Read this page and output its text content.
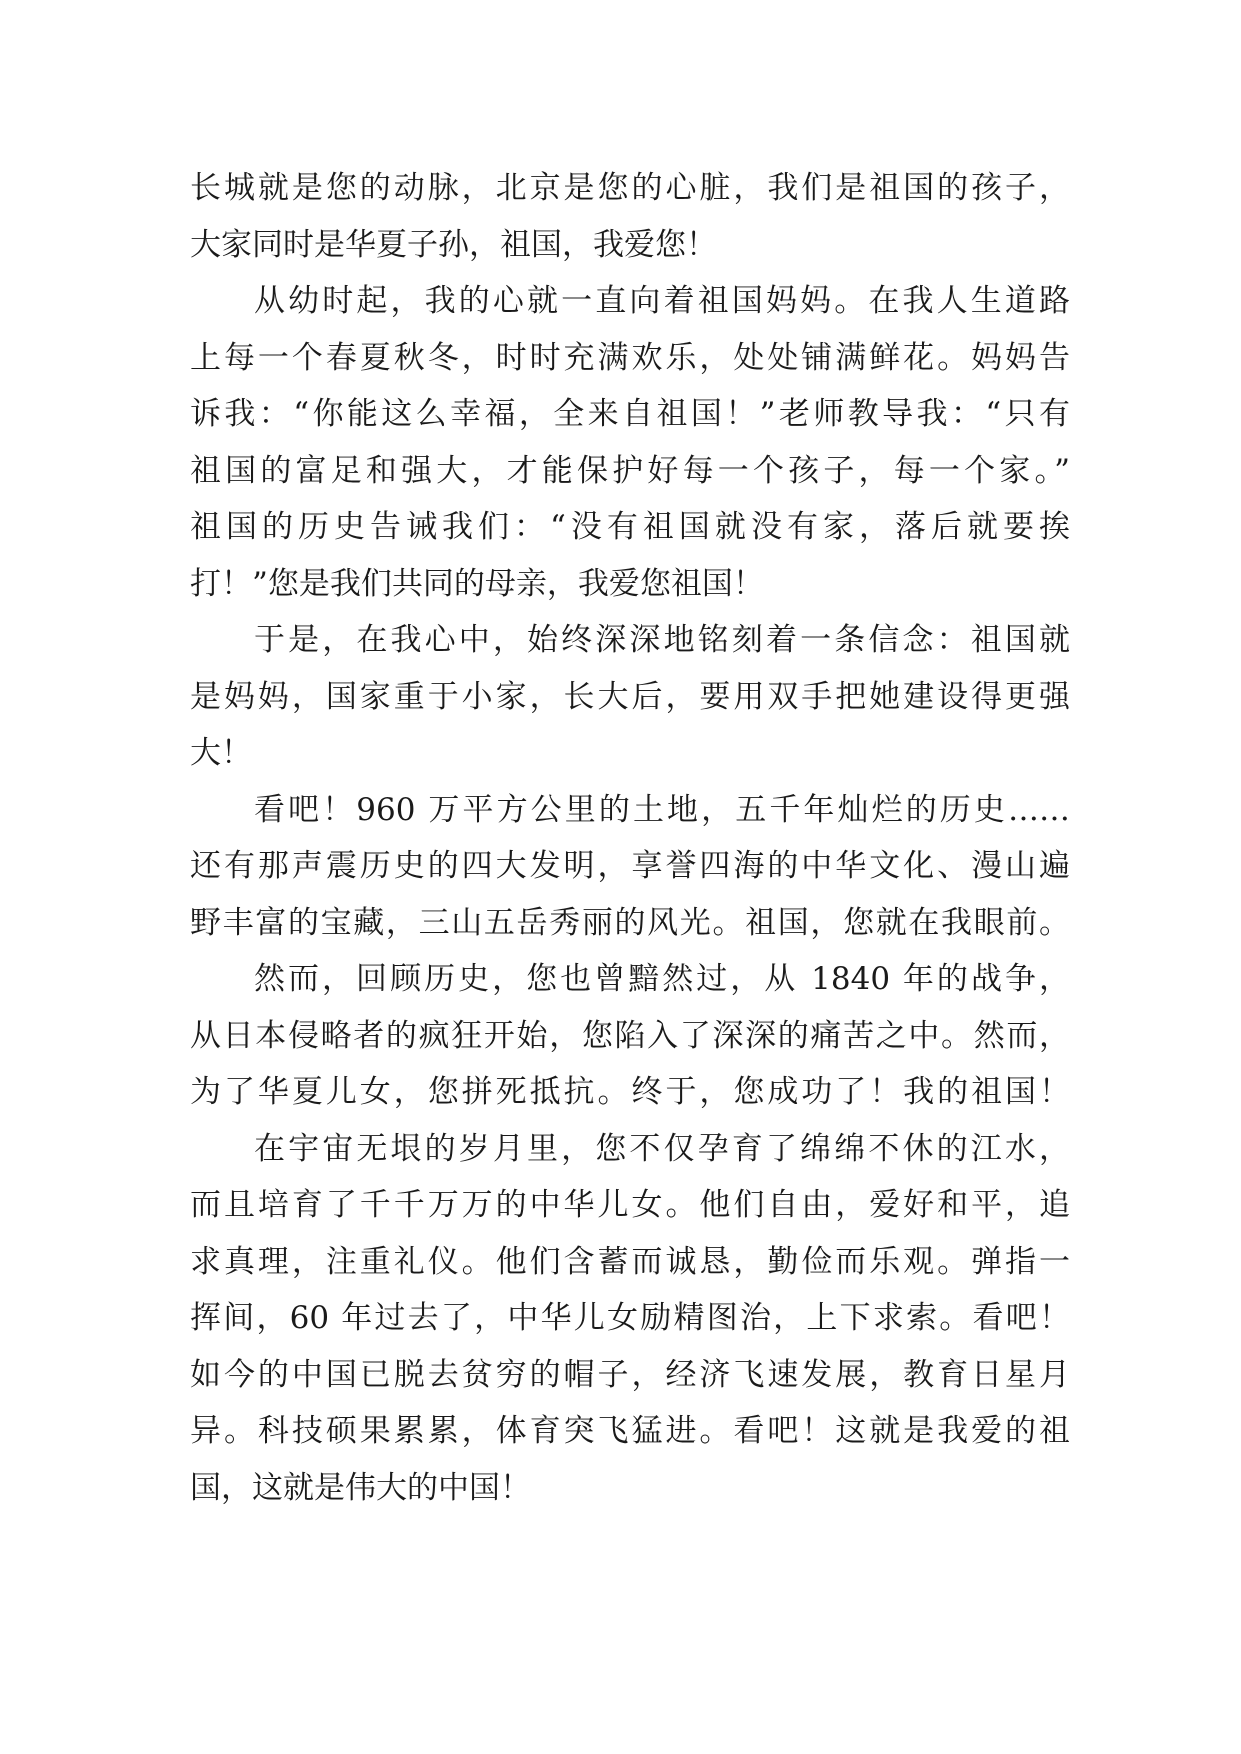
长城就是您的动脉，北京是您的心脏，我们是祖国的孩子，
大家同时是华夏子孙，祖国，我爱您！
从幼时起，我的心就一直向着祖国妈妈。在我人生道路
上每一个春夏秋冬，时时充满欢乐，处处铺满鲜花。妈妈告
诉我：“你能这么幸福，全来自祖国！”老师教导我：“只有
祖国的富足和强大，才能保护好每一个孩子，每一个家。”
祖国的历史告诫我们：“没有祖国就没有家，落后就要挨
打！”您是我们共同的母亲，我爱您祖国！
于是，在我心中，始终深深地铭刻着一条信念：祖国就
是妈妈，国家重于小家，长大后，要用双手把她建设得更强
大！
看吧！960 万平方公里的土地，五千年灿烂的历史……
还有那声震历史的四大发明，享誉四海的中华文化、漫山遍
野丰富的宝藏，三山五岳秀丽的风光。祖国，您就在我眼前。
然而，回顾历史，您也曾黯然过，从 1840 年的战争，
从日本侵略者的疯狂开始，您陷入了深深的痛苦之中。然而，
为了华夏儿女，您拼死抵抗。终于，您成功了！我的祖国！
在宇宙无垠的岁月里，您不仅孕育了绵绵不休的江水，
而且培育了千千万万的中华儿女。他们自由，爱好和平，追
求真理，注重礼仪。他们含蓄而诚恳，勤俭而乐观。弹指一
挥间，60 年过去了，中华儿女励精图治，上下求索。看吧！
如今的中国已脱去贫穷的帽子，经济飞速发展，教育日星月
异。科技硕果累累，体育突飞猛进。看吧！这就是我爱的祖
国，这就是伟大的中国！
